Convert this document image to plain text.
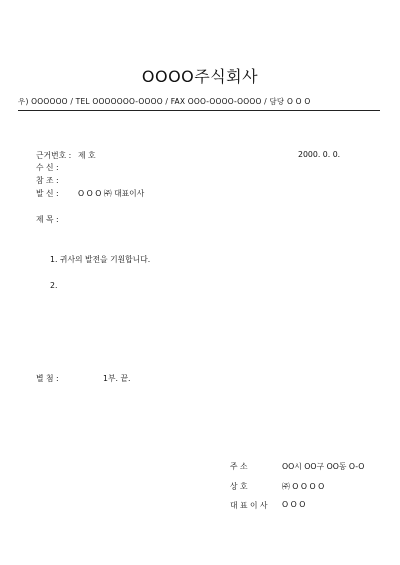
OOOO주식회사
우) OOOOOO / TEL OOOOOOO-OOOO / FAX OOO-OOOO-OOOO / 담당 O O O
근거번호 : 제 호	2000. 0. 0.
수 신 :
참 조 :
발 신 : O O O ㈜ 대표이사
제 목 :
1. 귀사의 발전을 기원합니다.
2.
별 첨 :	1부. 끝.
주 소	OO시 OO구 OO동 O-O
상 호	㈜ O O O O
대 표 이 사 O O O
